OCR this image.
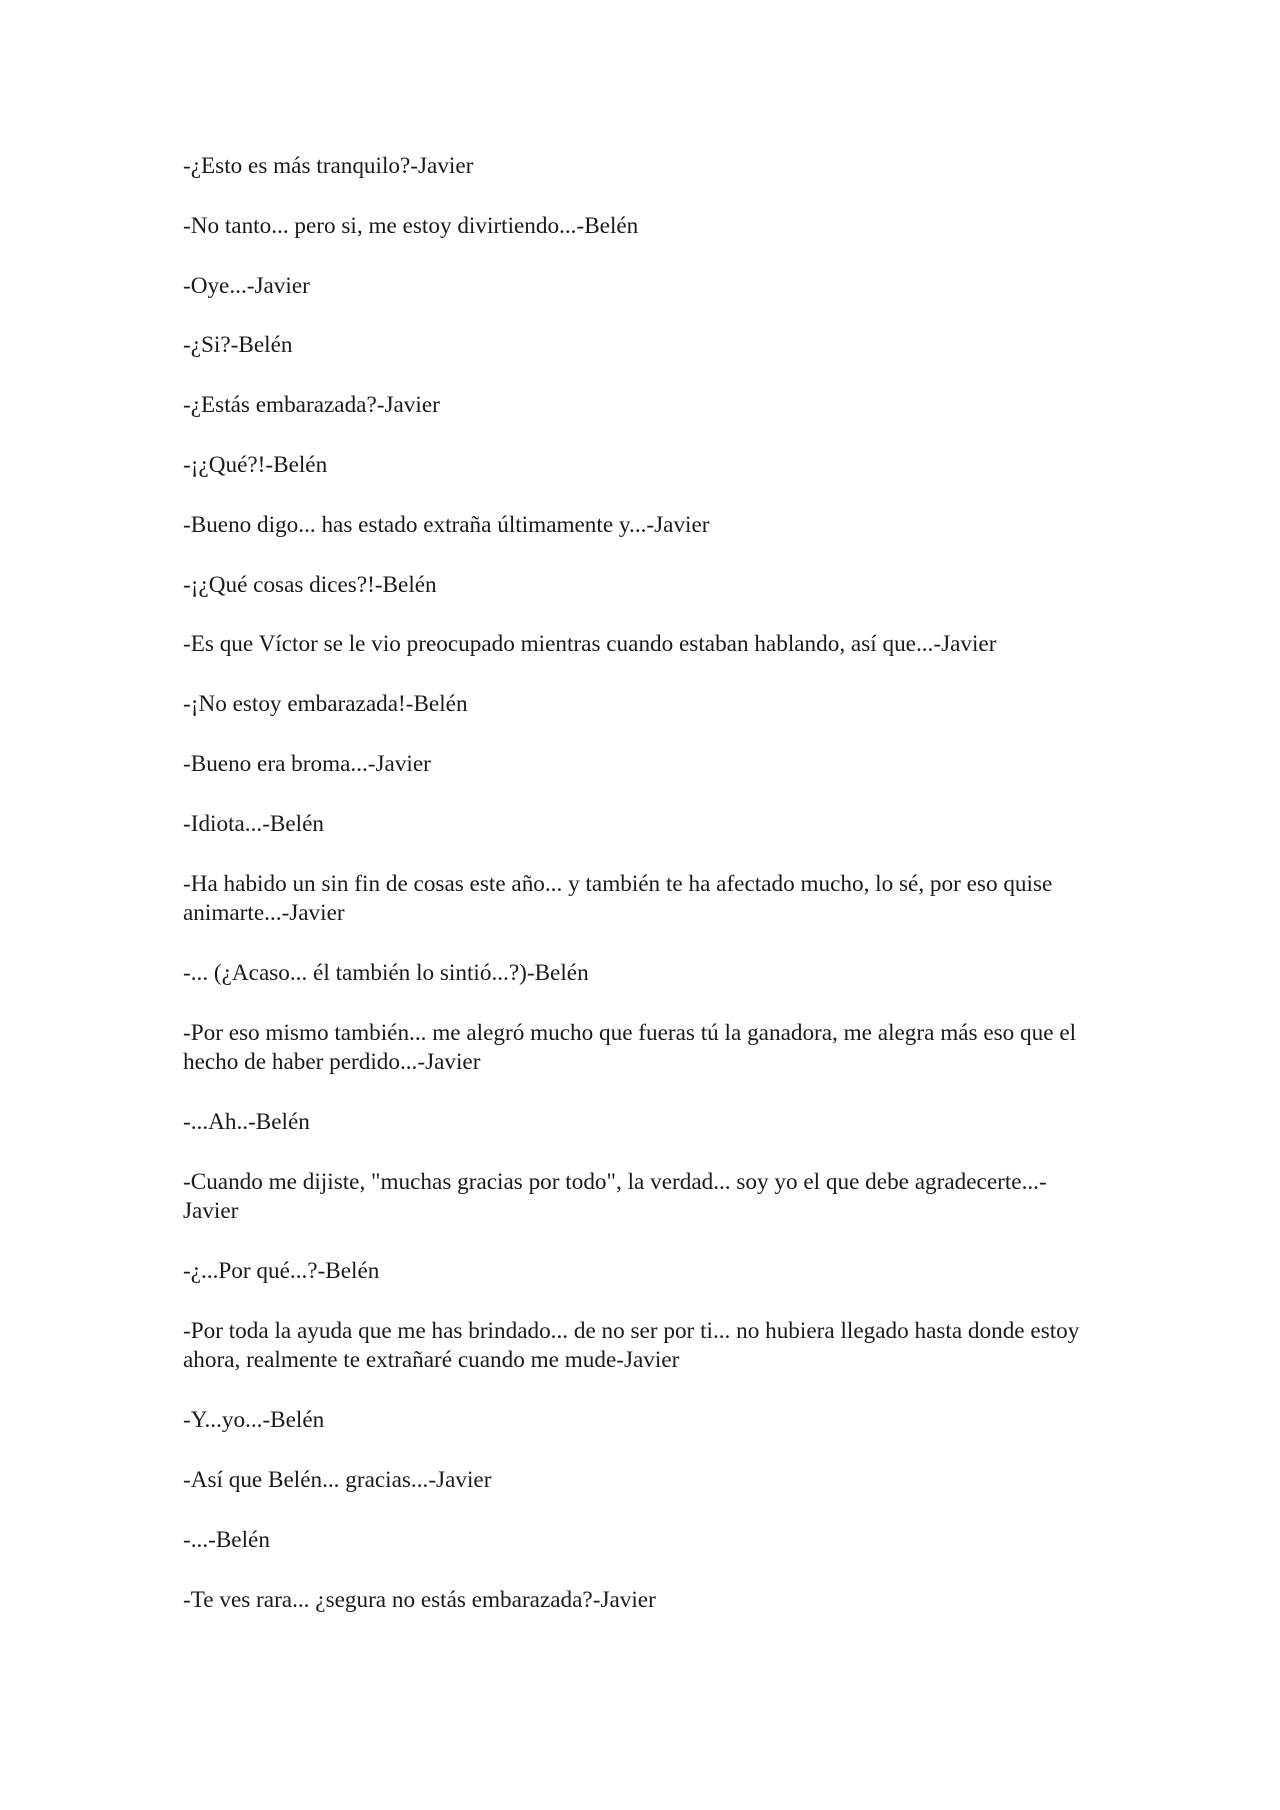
-¿Esto es más tranquilo?-Javier

-No tanto... pero si, me estoy divirtiendo...-Belén

-Oye...-Javier

-¿Si?-Belén

-¿Estás embarazada?-Javier

-¡¿Qué?!-Belén

-Bueno digo... has estado extraña últimamente y...-Javier

-¡¿Qué cosas dices?!-Belén

-Es que Víctor se le vio preocupado mientras cuando estaban hablando, así que...-Javier

-¡No estoy embarazada!-Belén

-Bueno era broma...-Javier

-Idiota...-Belén

-Ha habido un sin fin de cosas este año... y también te ha afectado mucho, lo sé, por eso quise animarte...-Javier

-... (¿Acaso... él también lo sintió...?)-Belén

-Por eso mismo también... me alegró mucho que fueras tú la ganadora, me alegra más eso que el hecho de haber perdido...-Javier

-...Ah..-Belén

-Cuando me dijiste, "muchas gracias por todo", la verdad... soy yo el que debe agradecerte...-Javier

-¿...Por qué...?-Belén

-Por toda la ayuda que me has brindado... de no ser por ti... no hubiera llegado hasta donde estoy ahora, realmente te extrañaré cuando me mude-Javier

-Y...yo...-Belén

-Así que Belén... gracias...-Javier

-...-Belén

-Te ves rara... ¿segura no estás embarazada?-Javier
